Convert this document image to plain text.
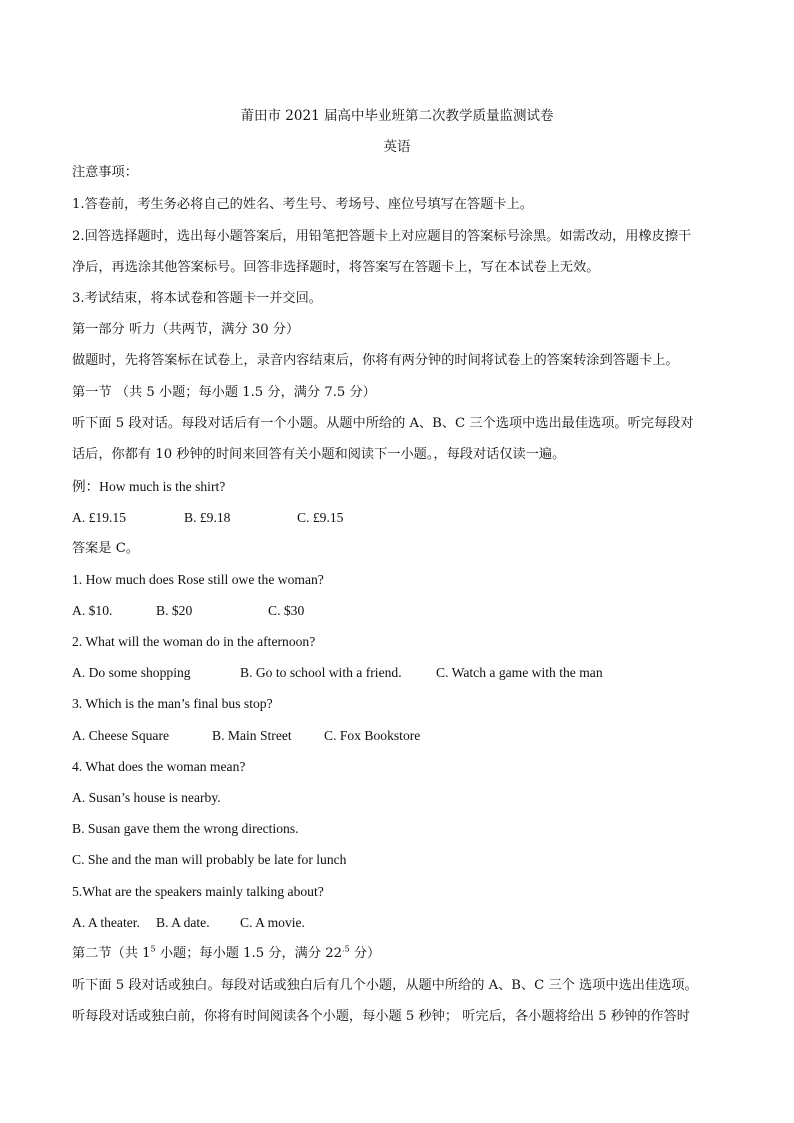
莆田市 2021 届高中毕业班第二次教学质量监测试卷
英语
注意事项：
1.答卷前，考生务必将自己的姓名、考生号、考场号、座位号填写在答题卡上。
2.回答选择题时，选出每小题答案后，用铅笔把答题卡上对应题目的答案标号涂黑。如需改动，用橡皮擦干
净后，再选涂其他答案标号。回答非选择题时，将答案写在答题卡上，写在本试卷上无效。
3.考试结束，将本试卷和答题卡一并交回。
第一部分 听力（共两节，满分 30 分）
做题时，先将答案标在试卷上，录音内容结束后，你将有两分钟的时间将试卷上的答案转涂到答题卡上。
第一节 （共 5 小题；每小题 1.5 分，满分 7.5 分）
听下面 5 段对话。每段对话后有一个小题。从题中所给的 A、B、C 三个选项中选出最佳选项。听完每段对
话后，你都有 10 秒钟的时间来回答有关小题和阅读下一小题。，每段对话仅读一遍。
例：How much is the shirt?
A. £19.15	B. £9.18	C. £9.15
答案是 C。
1. How much does Rose still owe the woman?
A. $10.	B. $20	C. $30
2. What will the woman do in the afternoon?
A. Do some shopping	B. Go to school with a friend.	C. Watch a game with the man
3. Which is the man’s final bus stop?
A. Cheese Square	B. Main Street C. Fox Bookstore
4. What does the woman mean?
A. Susan’s house is nearby.
B. Susan gave them the wrong directions.
C. She and the man will probably be late for lunch
5.What are the speakers mainly talking about?
A. A theater. B. A date. C. A movie.
第二节（共 $1^5$ 小题；每小题 1.5 分，满分 $22^{.5}$ 分）
听下面 5 段对话或独白。每段对话或独白后有几个小题，从题中所给的 A、B、C 三个 选项中选出佳选项。
听每段对话或独白前，你将有时间阅读各个小题，每小题 5 秒钟； 听完后，各小题将给出 5 秒钟的作答时
